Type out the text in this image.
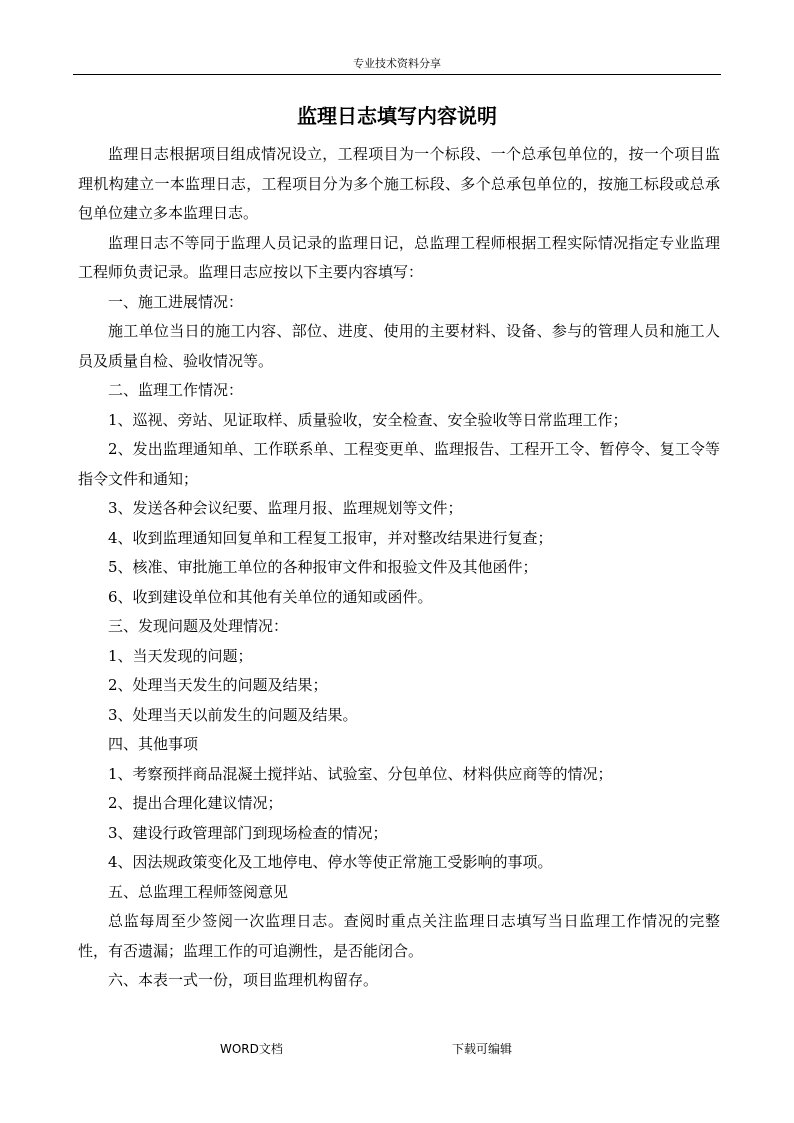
专业技术资料分享
监理日志填写内容说明

监理日志根据项目组成情况设立，工程项目为一个标段、一个总承包单位的，按一个项目监理机构建立一本监理日志，工程项目分为多个施工标段、多个总承包单位的，按施工标段或总承包单位建立多本监理日志。

监理日志不等同于监理人员记录的监理日记，总监理工程师根据工程实际情况指定专业监理工程师负责记录。监理日志应按以下主要内容填写：

一、施工进展情况：

施工单位当日的施工内容、部位、进度、使用的主要材料、设备、参与的管理人员和施工人员及质量自检、验收情况等。

二、监理工作情况：

1、巡视、旁站、见证取样、质量验收，安全检查、安全验收等日常监理工作；

2、发出监理通知单、工作联系单、工程变更单、监理报告、工程开工令、暂停令、复工令等指令文件和通知；

3、发送各种会议纪要、监理月报、监理规划等文件；

4、收到监理通知回复单和工程复工报审，并对整改结果进行复查；

5、核准、审批施工单位的各种报审文件和报验文件及其他函件；

6、收到建设单位和其他有关单位的通知或函件。

三、发现问题及处理情况：

1、当天发现的问题；

2、处理当天发生的问题及结果；

3、处理当天以前发生的问题及结果。

四、其他事项

1、考察预拌商品混凝土搅拌站、试验室、分包单位、材料供应商等的情况；

2、提出合理化建议情况；

3、建设行政管理部门到现场检查的情况；

4、因法规政策变化及工地停电、停水等使正常施工受影响的事项。

五、总监理工程师签阅意见

总监每周至少签阅一次监理日志。查阅时重点关注监理日志填写当日监理工作情况的完整性，有否遗漏；监理工作的可追溯性，是否能闭合。

六、本表一式一份，项目监理机构留存。

WORD文档	下载可编辑
